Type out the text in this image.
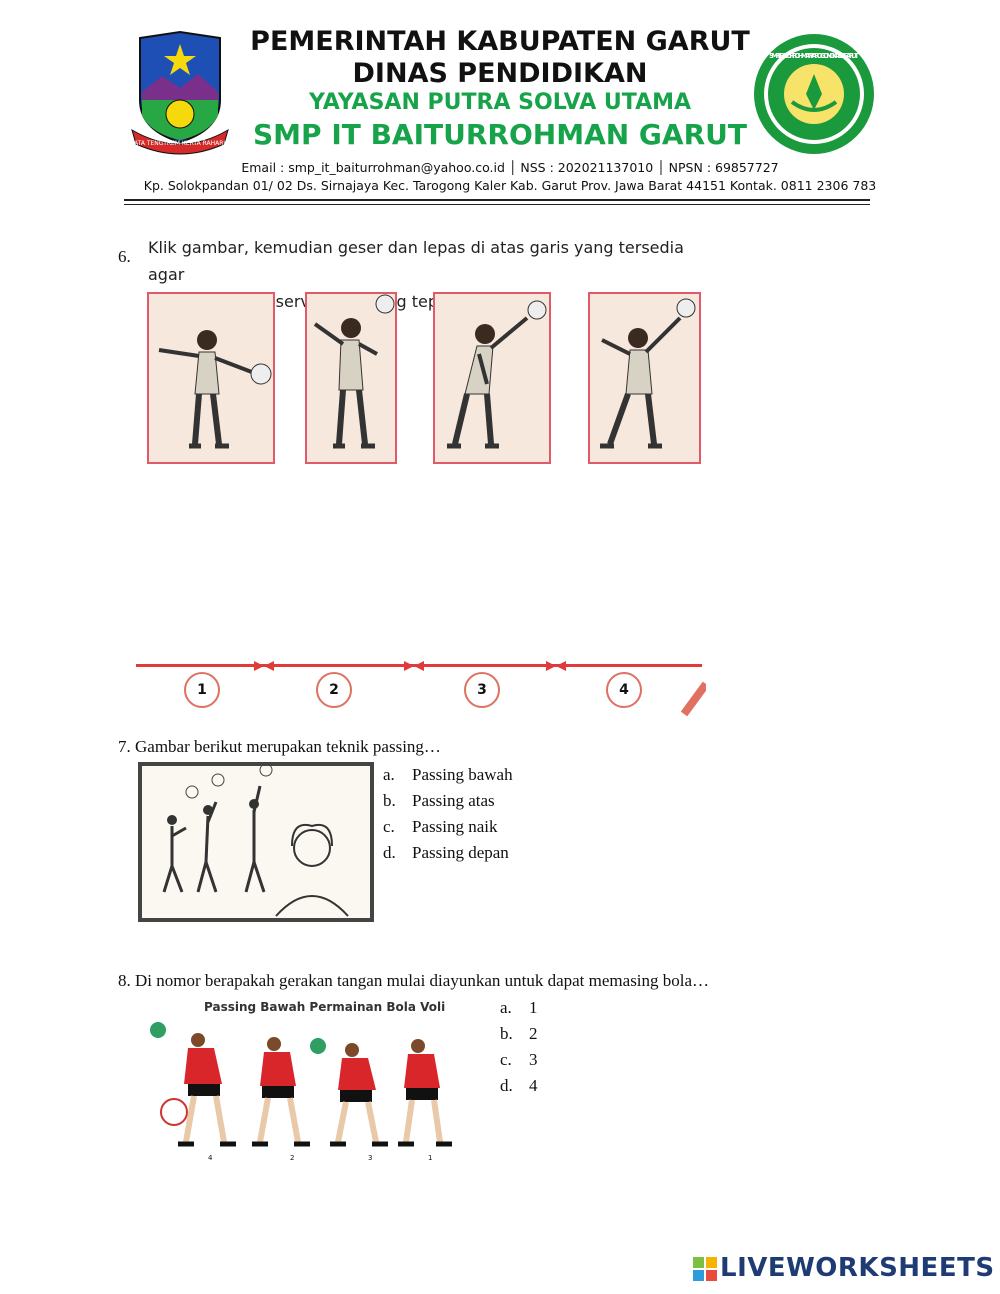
TATA TENGTREM KERTA RAHARJA
PEMERINTAH KABUPATEN GARUT
DINAS PENDIDIKAN
YAYASAN PUTRA SOLVA UTAMA
SMP IT BAITURROHMAN GARUT
SMP IT BAITURROHMAN · TAROGONG KALER · GARUT
Email : smp_it_baiturrohman@yahoo.co.id │ NSS : 202021137010 │ NPSN : 69857727
Kp. Solokpandan 01/ 02 Ds. Sirnajaya Kec. Tarogong Kaler Kab. Garut Prov. Jawa Barat 44151 Kontak. 0811 2306 783
6. Klik gambar, kemudian geser dan lepas di atas garis yang tersedia agar
servis
1	2	3	4
7. Gambar berikut merupakan teknik passing…
a. Passing bawah
b. Passing atas
c. Passing naik
d. Passing depan
8. Di nomor berapakah gerakan tangan mulai diayunkan untuk dapat memasing bola…
Passing Bawah Permainan Bola Voli
4	2	3	1
a. 1
b. 2
c. 3
d. 4
LIVEWORKSHEETS
